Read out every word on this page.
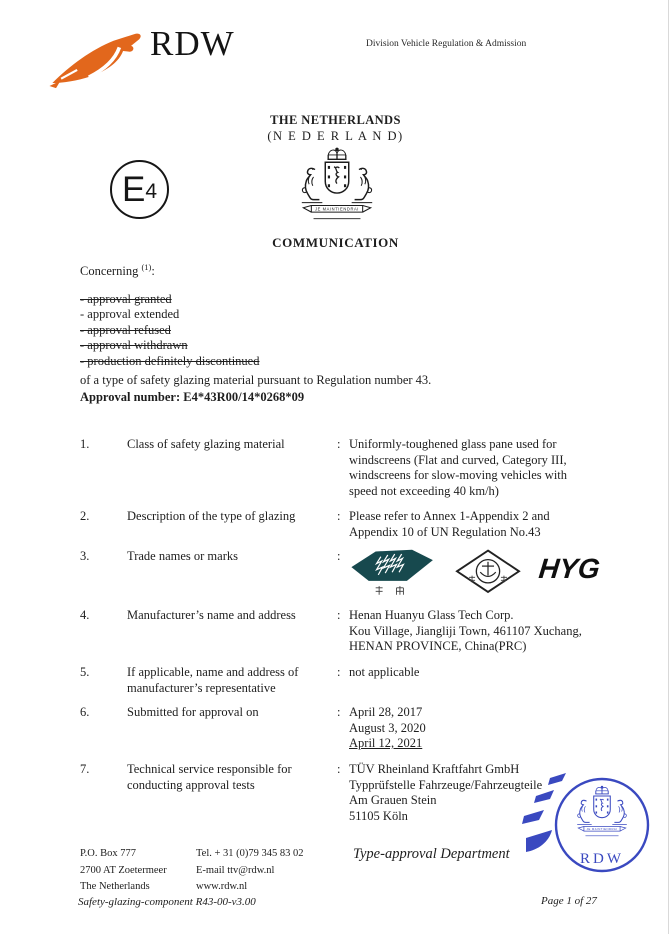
RDW	Division Vehicle Regulation & Admission
THE NETHERLANDS
(N E D E R L A N D)
COMMUNICATION
E 4
Concerning $^{(1)}$:
- approval granted
- approval extended
- approval refused
- approval withdrawn
- production definitely discontinued
of a type of safety glazing material pursuant to Regulation number 43.
Approval number: E4*43R00/14*0268*09
1.	Class of safety glazing material	: Uniformly-toughened glass pane used for
windscreens (Flat and curved, Category III,
windscreens for slow-moving vehicles with
speed not exceeding 40 km/h)
2.	Description of the type of glazing	: Please refer to Annex 1-Appendix 2 and
Appendix 10 of UN Regulation No.43
3.	Trade names or marks	:	HYG
4.	Manufacturer’s name and address	: Henan Huanyu Glass Tech Corp.
Kou Village, Jiangliji Town, 461107 Xuchang,
HENAN PROVINCE, China(PRC)
5.	If applicable, name and address of
manufacturer’s representative
: not applicable
6.	Submitted for approval on	: April 28, 2017
August 3, 2020
April 12, 2021
7.	Technical service responsible for
conducting approval tests
: TÜV Rheinland Kraftfahrt GmbH
Typprüfstelle Fahrzeuge/Fahrzeugteile
Am Grauen Stein
51105 Köln
RDW
P.O. Box 777
2700 AT Zoetermeer
The Netherlands
Tel. + 31 (0)79 345 83 02
E-mail ttv@rdw.nl
www.rdw.nl
Type-approval Department
Safety-glazing-component R43-00-v3.00	Page 1 of 27
